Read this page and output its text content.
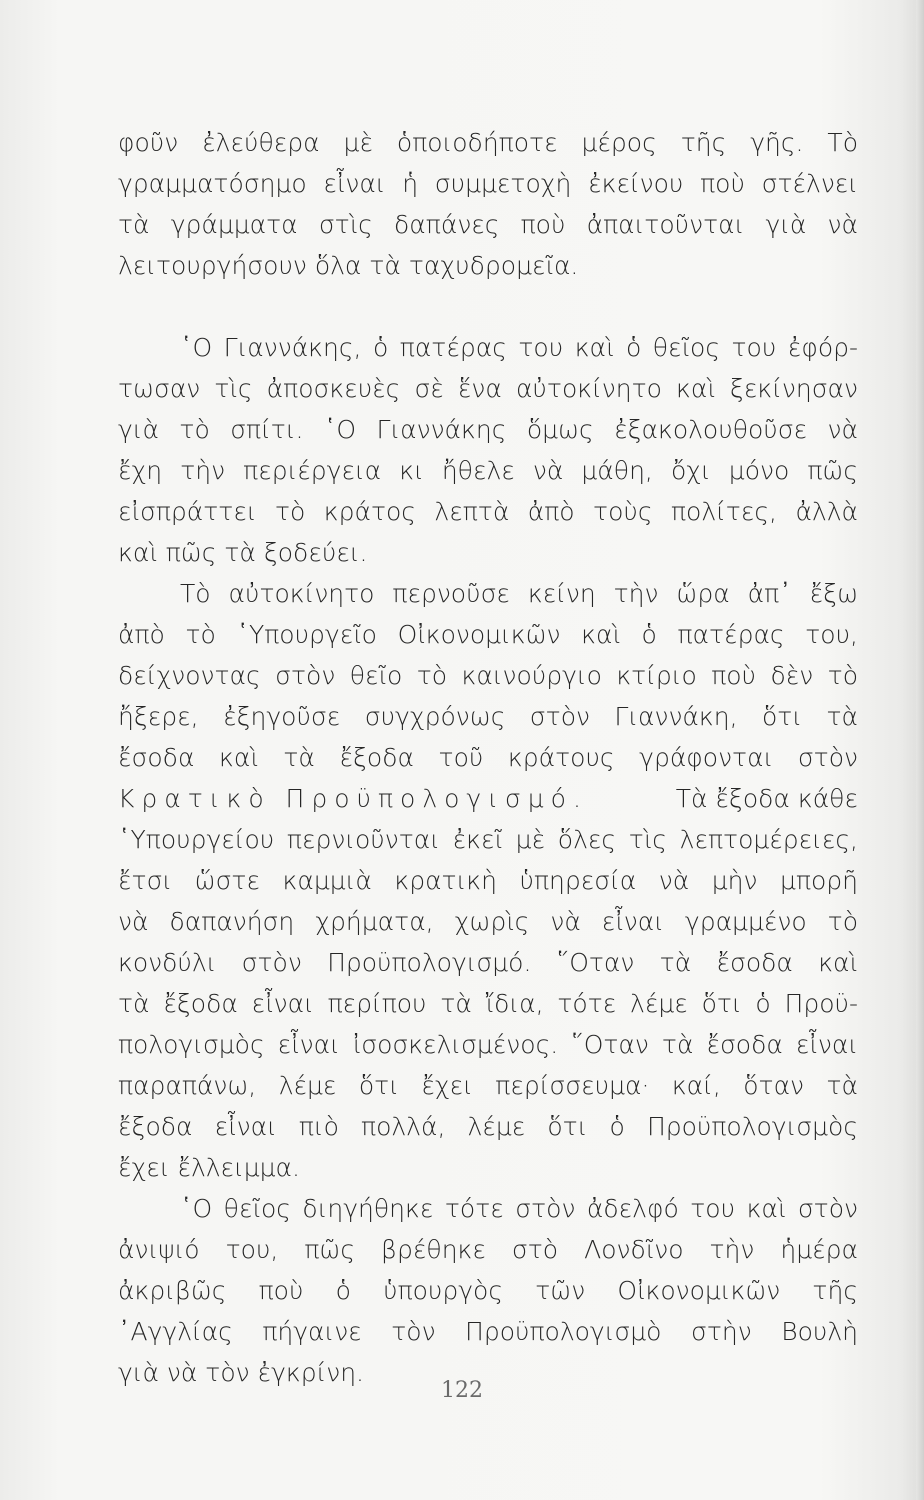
φοῦν ἐλεύθερα μὲ ὁποιοδήποτε μέρος τῆς γῆς. Τὸ
γραμματόσημο εἶναι ἡ συμμετοχὴ ἐκείνου ποὺ στέλνει
τὰ γράμματα στὶς δαπάνες ποὺ ἀπαιτοῦνται γιὰ νὰ
λειτουργήσουν ὅλα τὰ ταχυδρομεῖα.
῾Ο Γιαννάκης, ὁ πατέρας του καὶ ὁ θεῖος του ἐφόρ-
τωσαν τὶς ἀποσκευὲς σὲ ἕνα αὐτοκίνητο καὶ ξεκίνησαν
γιὰ τὸ σπίτι. ῾Ο Γιαννάκης ὅμως ἐξακολουθοῦσε νὰ
ἔχη τὴν περιέργεια κι ἤθελε νὰ μάθη, ὄχι μόνο πῶς
εἰσπράττει τὸ κράτος λεπτὰ ἀπὸ τοὺς πολίτες, ἀλλὰ
καὶ πῶς τὰ ξοδεύει.
Τὸ αὐτοκίνητο περνοῦσε κείνη τὴν ὥρα ἀπ᾿ ἔξω
ἀπὸ τὸ ῾Υπουργεῖο Οἰκονομικῶν καὶ ὁ πατέρας του,
δείχνοντας στὸν θεῖο τὸ καινούργιο κτίριο ποὺ δὲν τὸ
ἤξερε, ἐξηγοῦσε συγχρόνως στὸν Γιαννάκη, ὅτι τὰ
ἔσοδα καὶ τὰ ἔξοδα τοῦ κράτους γράφονται στὸν
Κρατικὸ Προϋπολογισμό.	Τὰ ἔξοδα κάθε
῾Υπουργείου περνιοῦνται ἐκεῖ μὲ ὅλες τὶς λεπτομέρειες,
ἔτσι ὥστε καμμιὰ κρατικὴ ὑπηρεσία νὰ μὴν μπορῆ
νὰ δαπανήση χρήματα, χωρὶς νὰ εἶναι γραμμένο τὸ
κονδύλι στὸν Προϋπολογισμό. ῞Οταν τὰ ἔσοδα καὶ
τὰ ἔξοδα εἶναι περίπου τὰ ἴδια, τότε λέμε ὅτι ὁ Προϋ-
πολογισμὸς εἶναι ἰσοσκελισμένος. ῞Οταν τὰ ἔσοδα εἶναι
παραπάνω, λέμε ὅτι ἔχει περίσσευμα· καί, ὅταν τὰ
ἔξοδα εἶναι πιὸ πολλά, λέμε ὅτι ὁ Προϋπολογισμὸς
ἔχει ἔλλειμμα.
῾Ο θεῖος διηγήθηκε τότε στὸν ἀδελφό του καὶ στὸν
ἀνιψιό του, πῶς βρέθηκε στὸ Λονδῖνο τὴν ἡμέρα
ἀκριβῶς ποὺ ὁ ὑπουργὸς τῶν Οἰκονομικῶν τῆς
᾿Αγγλίας πήγαινε τὸν Προϋπολογισμὸ στὴν Βουλὴ
γιὰ νὰ τὸν ἐγκρίνη.
122
